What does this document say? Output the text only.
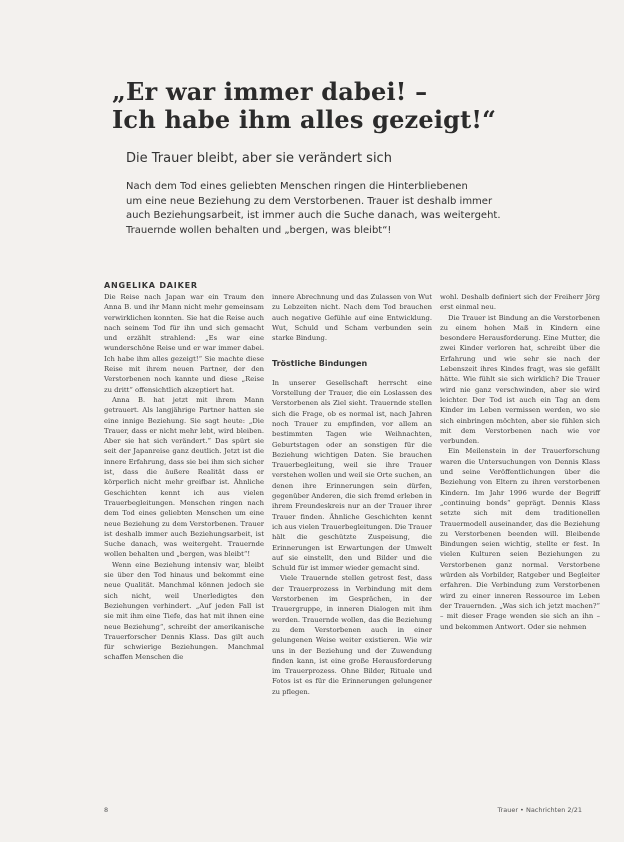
„Er war immer dabei! –
Ich habe ihm alles gezeigt!“
Die Trauer bleibt, aber sie verändert sich
Nach dem Tod eines geliebten Menschen ringen die Hinterbliebenen
um eine neue Beziehung zu dem Verstorbenen. Trauer ist deshalb immer
auch Beziehungsarbeit, ist immer auch die Suche danach, was weitergeht.
Trauernde wollen behalten und „bergen, was bleibt“!
ANGELIKA DAIKER

Die Reise nach Japan war ein Traum den Anna B. und ihr Mann nicht mehr gemeinsam verwirklichen konnten. Sie hat die Reise auch nach seinem Tod für ihn und sich gemacht und erzählt strahlend: „Es war eine wunderschöne Reise und er war immer dabei. Ich habe ihm alles gezeigt!“ Sie machte diese Reise mit ihrem neuen Partner, der den Verstorbenen noch kannte und diese „Reise zu dritt“ offensichtlich akzeptiert hat.

Anna B. hat jetzt mit ihrem Mann getrauert. Als langjährige Partner hatten sie eine innige Beziehung. Sie sagt heute: „Die Trauer, dass er nicht mehr lebt, wird bleiben. Aber sie hat sich verändert.“ Das spürt sie seit der Japanreise ganz deutlich. Jetzt ist die innere Erfahrung, dass sie bei ihm sich sicher ist, dass die äußere Realität dass er körperlich nicht mehr greifbar ist. Ähnliche Geschichten kennt ich aus vielen Trauerbegleitungen. Menschen ringen nach dem Tod eines geliebten Menschen um eine neue Beziehung zu dem Verstorbenen. Trauer ist deshalb immer auch Beziehungsarbeit, ist Suche danach, was weitergeht. Trauernde wollen behalten und „bergen, was bleibt“!

Wenn eine Beziehung intensiv war, bleibt sie über den Tod hinaus und bekommt eine neue Qualität. Manchmal können jedoch sie sich nicht, weil Unerledigtes den Beziehungen verhindert. „Auf jeden Fall ist sie mit ihm eine Tiefe, das hat mit ihnen eine neue Beziehung“, schreibt der amerikanische Trauerforscher Dennis Klass. Das gilt auch für schwierige Beziehungen. Manchmal schaffen Menschen die

innere Abrechnung und das Zulassen von Wut zu Lebzeiten nicht. Nach dem Tod brauchen auch negative Gefühle auf eine Entwicklung. Wut, Schuld und Scham verbunden sein starke Bindung.

Tröstliche Bindungen

In unserer Gesellschaft herrscht eine Vorstellung der Trauer, die ein Loslassen des Verstorbenen als Ziel sieht. Trauernde stellen sich die Frage, ob es normal ist, nach Jahren noch Trauer zu empfinden, vor allem an bestimmten Tagen wie Weihnachten, Geburtstagen oder an sonstigen für die Beziehung wichtigen Daten. Sie brauchen Trauerbegleitung, weil sie ihre Trauer verstehen wollen und weil sie Orte suchen, an denen ihre Erinnerungen sein dürfen, gegenüber Anderen, die sich fremd erleben in ihrem Freundeskreis nur an der Trauer ihrer Trauer finden. Ähnliche Geschichten kennt ich aus vielen Trauerbegleitungen. Die Trauer hält die geschützte Zuspeisung, die Erinnerungen ist Erwartungen der Umwelt auf sie einstellt, den und Bilder und die Schuld für ist immer wieder gemacht sind.

Viele Trauernde stellen getrost fest, dass der Trauerprozess in Verbindung mit dem Verstorbenen im Gesprächen, in der Trauergruppe, in inneren Dialogen mit ihm werden. Trauernde wollen, das die Beziehung zu dem Verstorbenen auch in einer gelungenen Weise weiter existieren. Wie wir uns in der Beziehung und der Zuwendung finden kann, ist eine große Herausforderung im Trauerprozess. Ohne Bilder, Rituale und Fotos ist es für die Erinnerungen gelungener zu pflegen.

wohl. Deshalb definiert sich der Freiherr Jörg erst einmal neu.

Die Trauer ist Bindung an die Verstorbenen zu einem hohen Maß in Kindern eine besondere Herausforderung. Eine Mutter, die zwei Kinder verloren hat, schreibt über die Erfahrung und wie sehr sie nach der Lebenszeit ihres Kindes fragt, was sie gefällt hätte. Wie fühlt sie sich wirklich? Die Trauer wird nie ganz verschwinden, aber sie wird leichter. Der Tod ist auch ein Tag an dem Kinder im Leben vermissen werden, wo sie sich einbringen möchten, aber sie fühlen sich mit dem Verstorbenen nach wie vor verbunden.

Ein Meilenstein in der Trauerforschung waren die Untersuchungen von Dennis Klass und seine Veröffentlichungen über die Beziehung von Eltern zu ihren verstorbenen Kindern. Im Jahr 1996 wurde der Begriff „continuing bonds“ geprägt. Dennis Klass setzte sich mit dem traditionellen Trauermodell auseinander, das die Beziehung zu Verstorbenen beenden will. Bleibende Bindungen seien wichtig, stellte er fest. In vielen Kulturen seien Beziehungen zu Verstorbenen ganz normal. Verstorbene würden als Vorbilder, Ratgeber und Begleiter erfahren. Die Verbindung zum Verstorbenen wird zu einer inneren Ressource im Leben der Trauernden. „Was sich ich jetzt machen?“ – mit dieser Frage wenden sie sich an ihn – und bekommen Antwort. Oder sie nehmen

8	Trauer • Nachrichten 2/21
